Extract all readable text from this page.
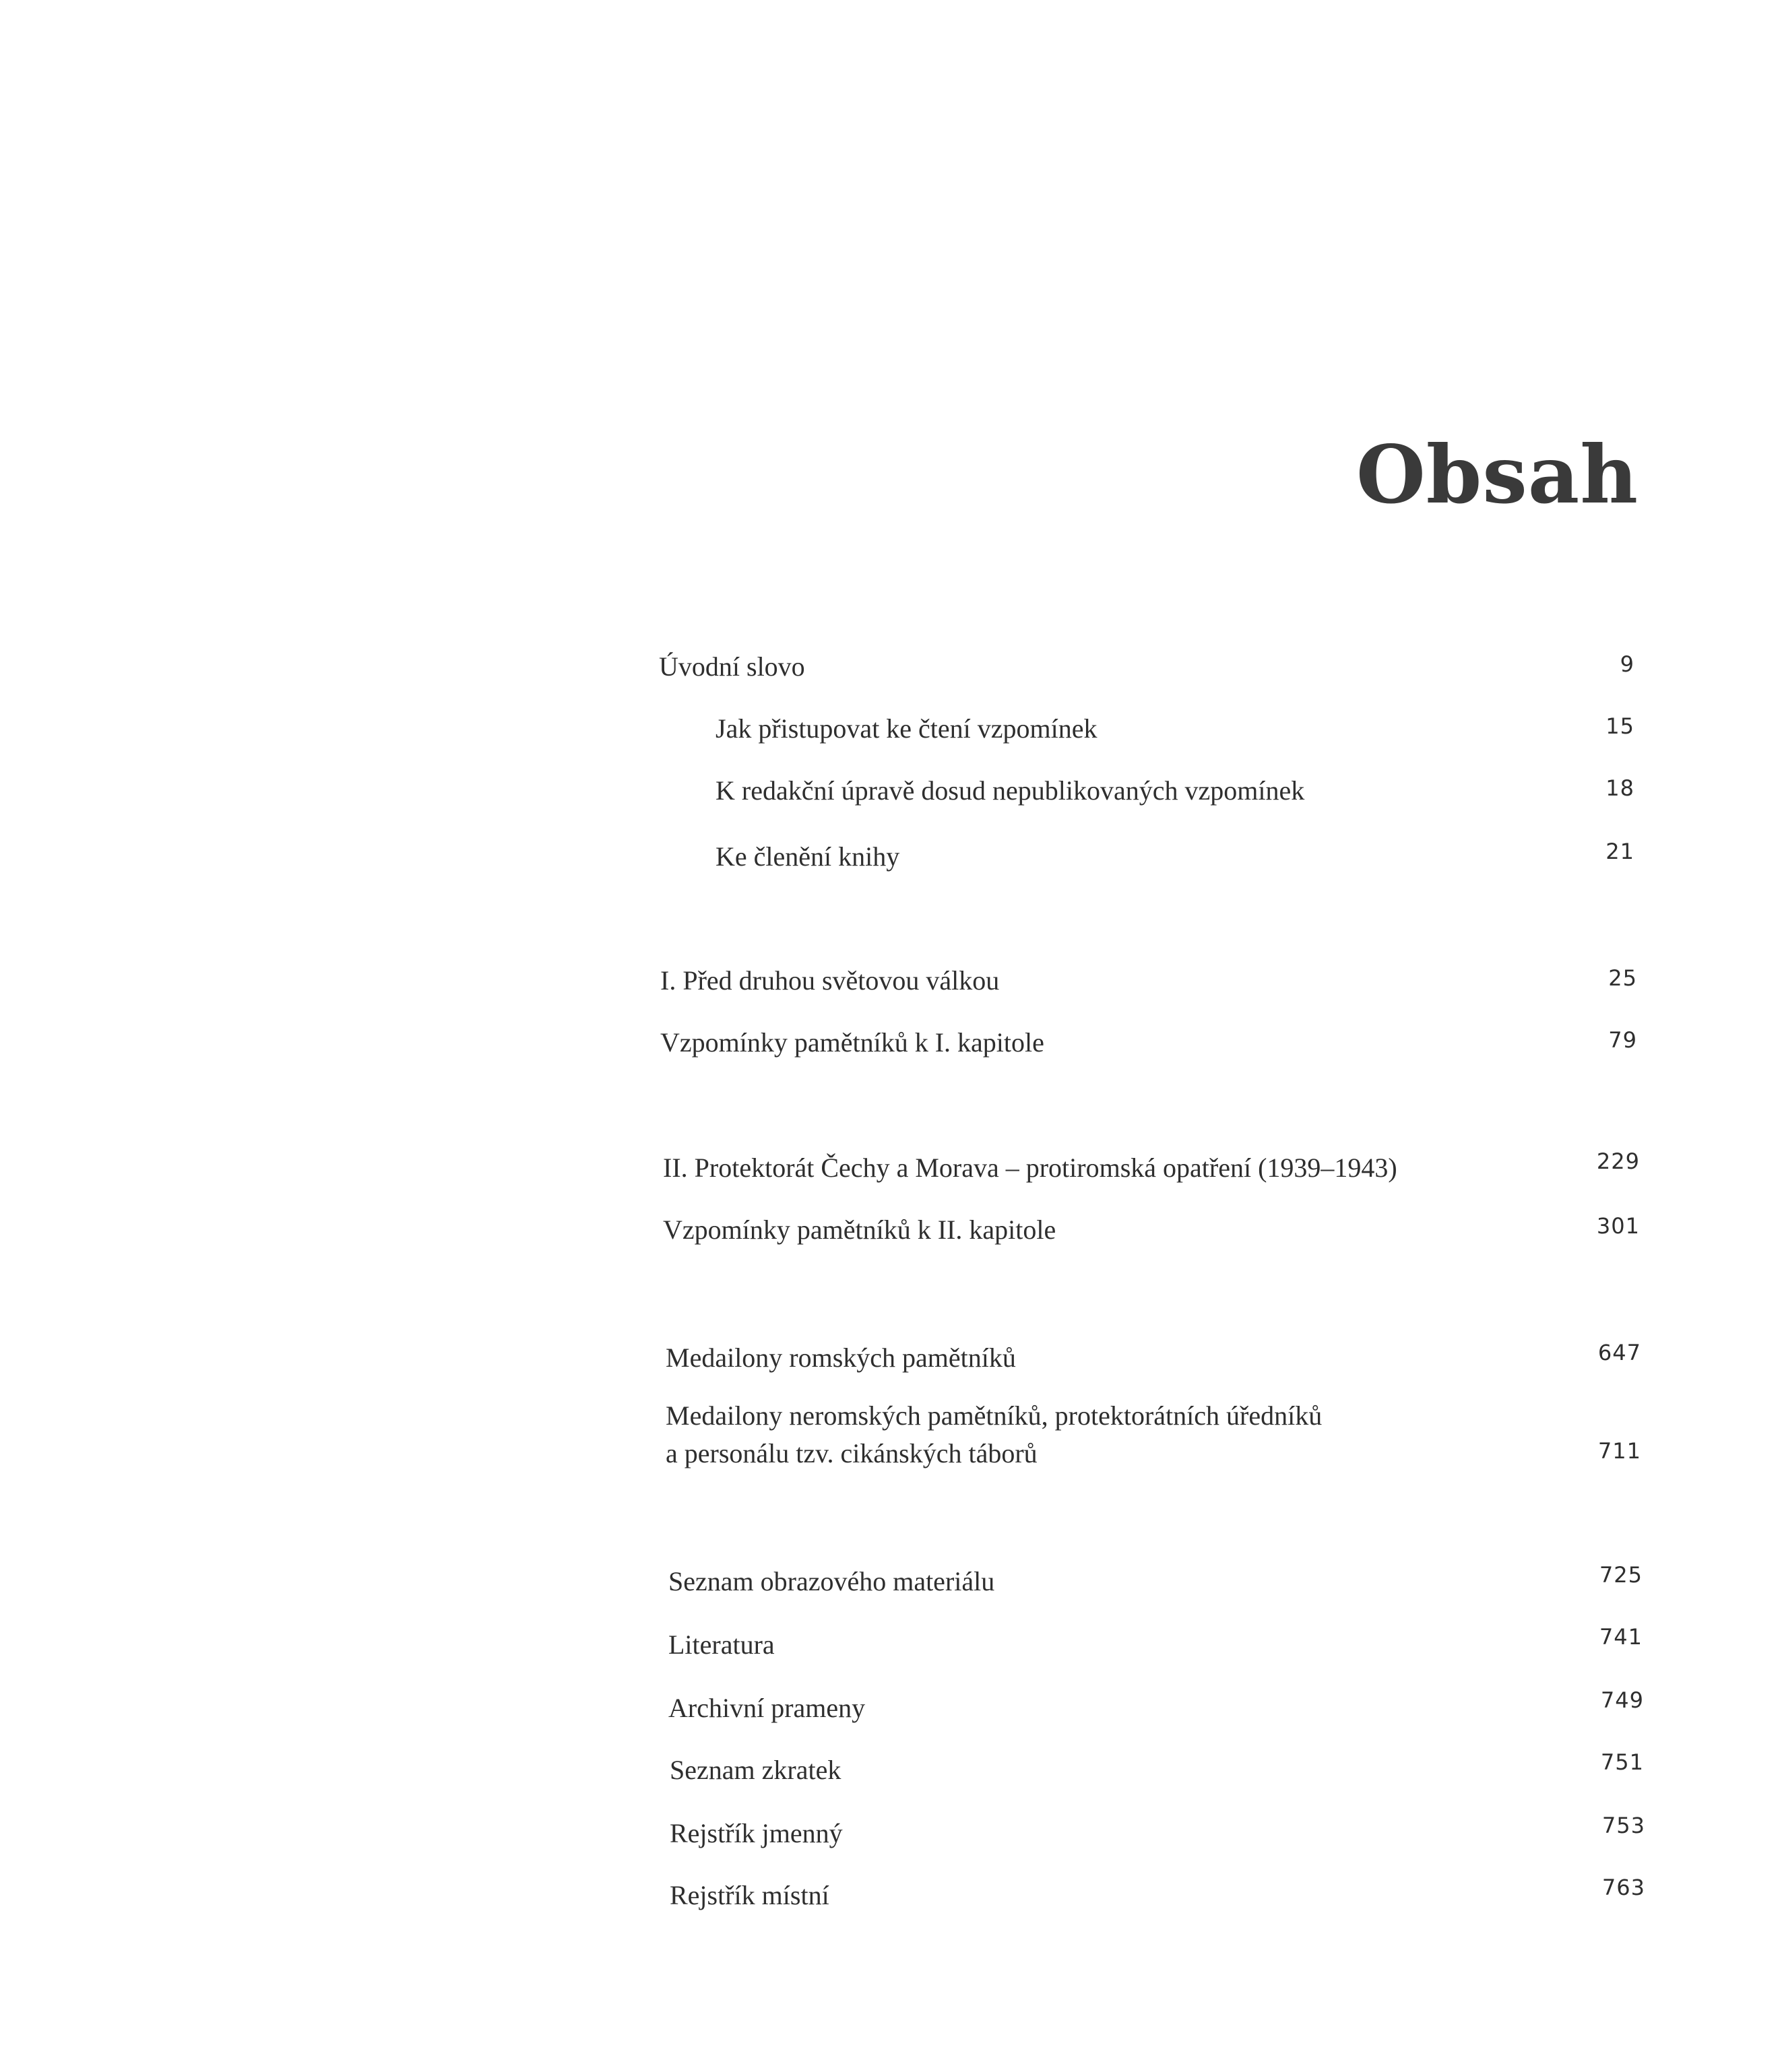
Obsah
Úvodní slovo	9
Jak přistupovat ke čtení vzpomínek	15
K redakční úpravě dosud nepublikovaných vzpomínek	18
Ke členění knihy	21
I. Před druhou světovou válkou	25
Vzpomínky pamětníků k I. kapitole	79
II. Protektorát Čechy a Morava – protiromská opatření (1939–1943)	229
Vzpomínky pamětníků k II. kapitole	301
Medailony romských pamětníků	647
Medailony neromských pamětníků, protektorátních úředníků
a personálu tzv. cikánských táborů	711
Seznam obrazového materiálu	725
Literatura	741
Archivní prameny	749
Seznam zkratek	751
Rejstřík jmenný	753
Rejstřík místní	763
